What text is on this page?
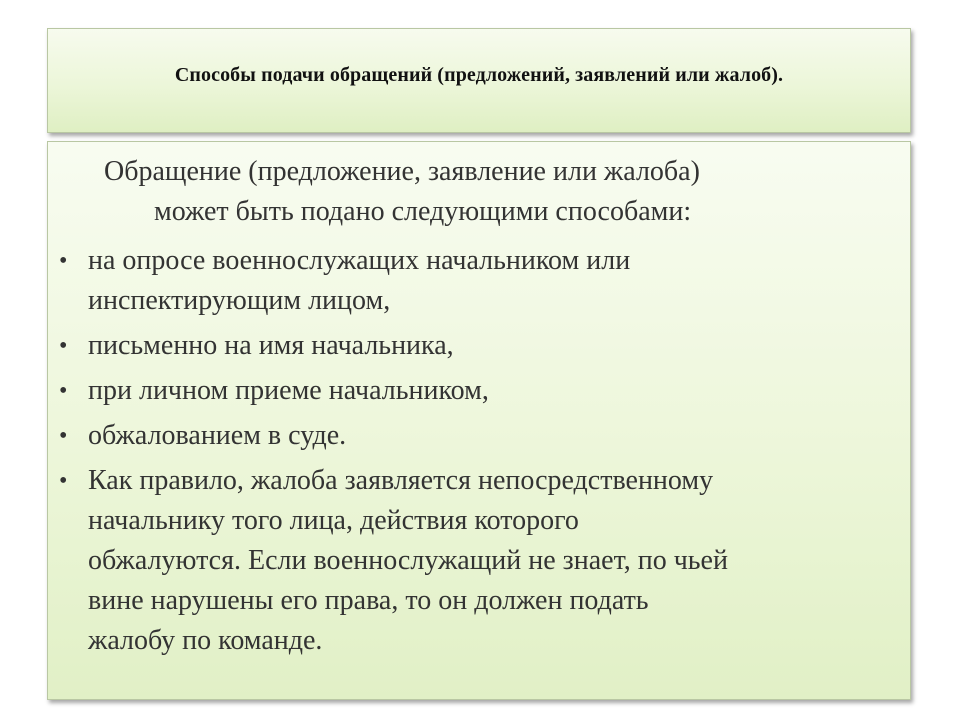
Способы подачи обращений (предложений, заявлений или жалоб).
Обращение (предложение, заявление или жалоба)
может быть подано следующими способами:
• на опросе военнослужащих начальником или
инспектирующим лицом,
• письменно на имя начальника,
• при личном приеме начальником,
• обжалованием в суде.
• Как правило, жалоба заявляется непосредственному
начальнику того лица, действия которого
обжалуются. Если военнослужащий не знает, по чьей
вине нарушены его права, то он должен подать
жалобу по команде.
